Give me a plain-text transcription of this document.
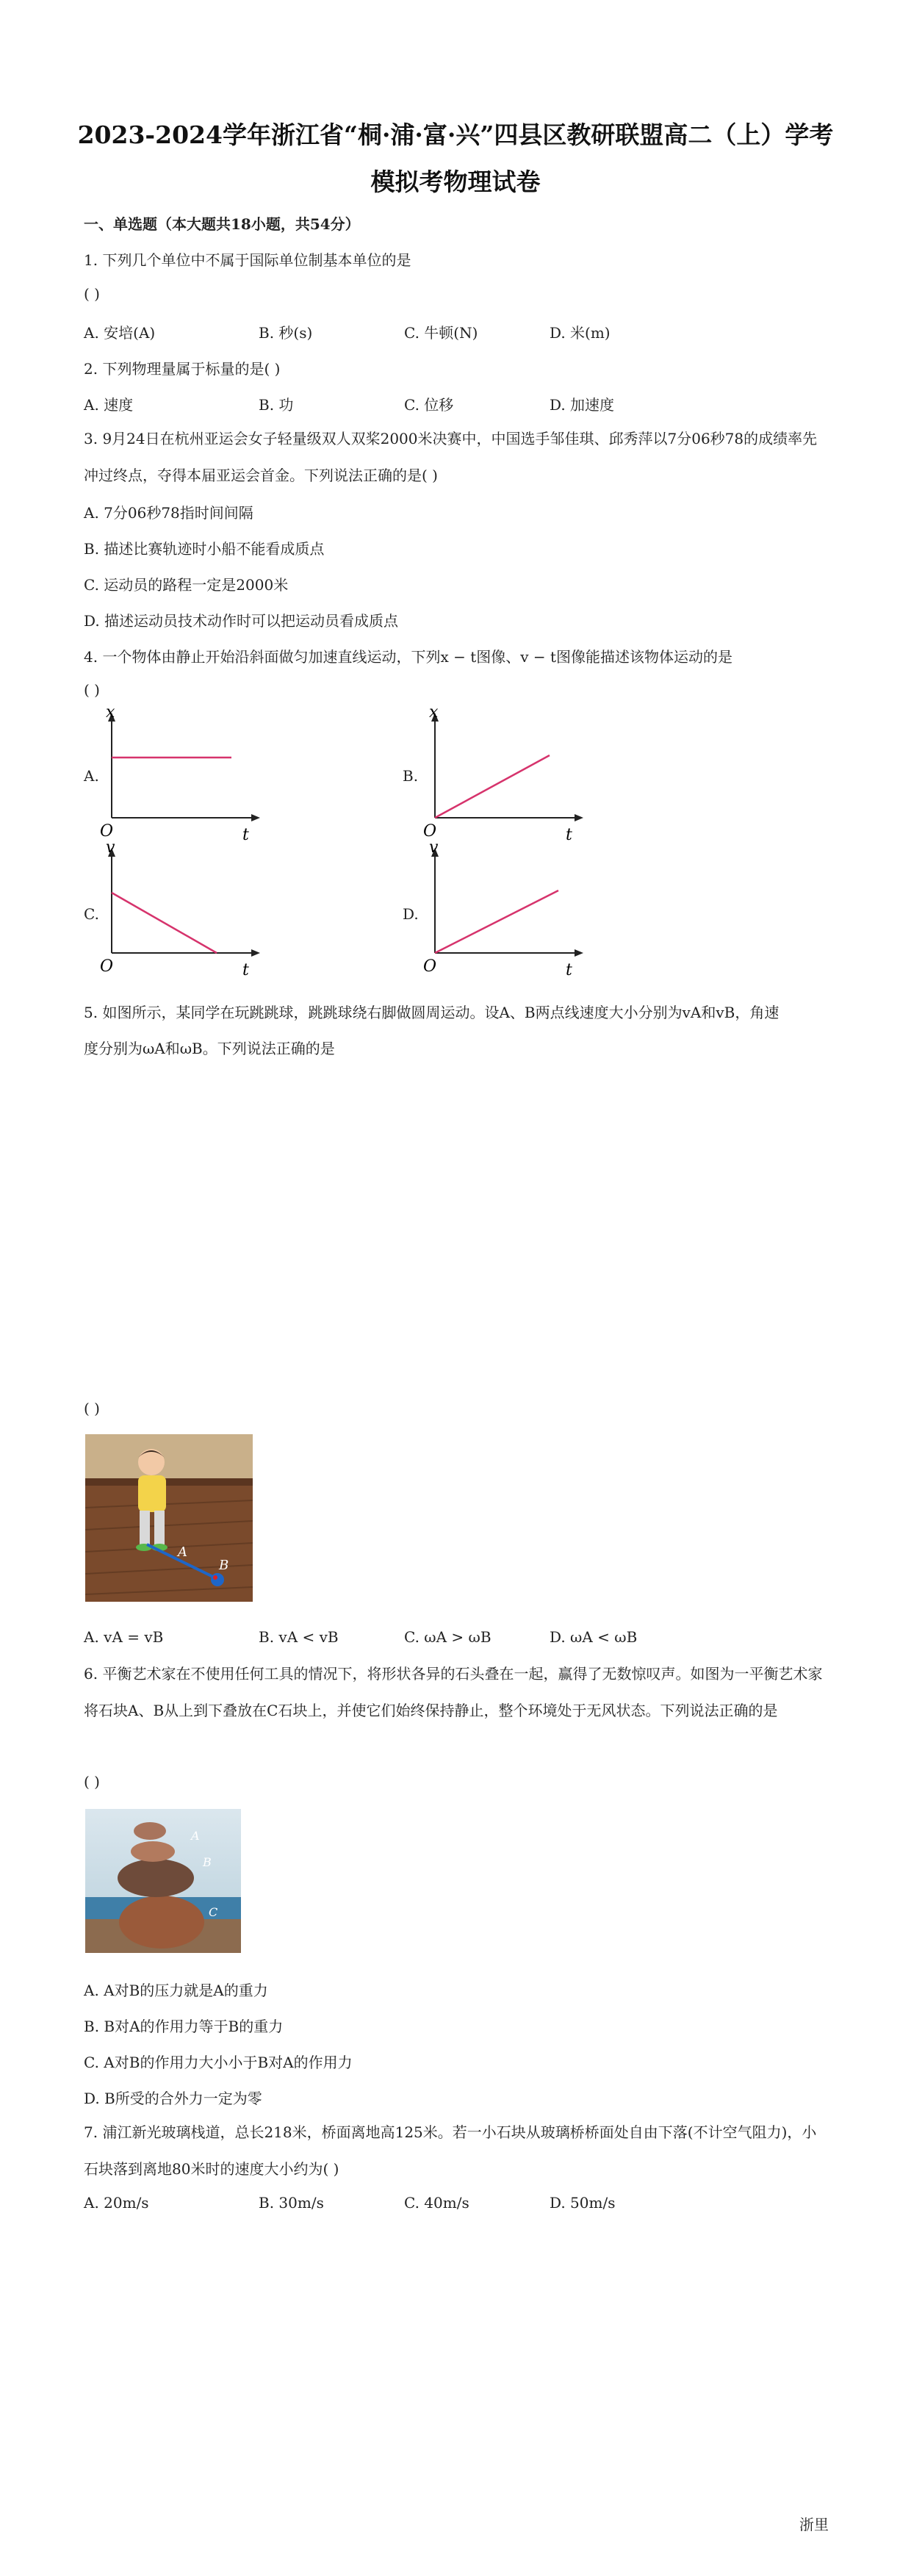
2023-2024学年浙江省“桐·浦·富·兴”四县区教研联盟高二（上）学考
模拟考物理试卷
一、单选题（本大题共18小题，共54分）
1. 下列几个单位中不属于国际单位制基本单位的是
( )
A. 安培(A)	B. 秒(s)	C. 牛顿(N)	D. 米(m)
2. 下列物理量属于标量的是( )
A. 速度	B. 功	C. 位移	D. 加速度
3. 9月24日在杭州亚运会女子轻量级双人双桨2000米决赛中，中国选手邹佳琪、邱秀萍以7分06秒78的成绩率先冲过终点，夺得本届亚运会首金。下列说法正确的是( )
A. 7分06秒78指时间间隔
B. 描述比赛轨迹时小船不能看成质点
C. 运动员的路程一定是2000米
D. 描述运动员技术动作时可以把运动员看成质点
4. 一个物体由静止开始沿斜面做匀加速直线运动，下列x − t图像、v − t图像能描述该物体运动的是
( )
A.
x
t
O
B.
x
t
O
C.
v
t
O
D.
v
t
O
5. 如图所示，某同学在玩跳跳球，跳跳球绕右脚做圆周运动。设A、B两点线速度大小分别为vA和vB，角速
度分别为ωA和ωB。下列说法正确的是
( )
A
B
A. vA = vB	B. vA < vB	C. ωA > ωB	D. ωA < ωB
6. 平衡艺术家在不使用任何工具的情况下，将形状各异的石头叠在一起，赢得了无数惊叹声。如图为一平衡艺术家将石块A、B从上到下叠放在C石块上，并使它们始终保持静止，整个环境处于无风状态。下列说法正确的是
( )
A
B
C
A. A对B的压力就是A的重力
B. B对A的作用力等于B的重力
C. A对B的作用力大小小于B对A的作用力
D. B所受的合外力一定为零
7. 浦江新光玻璃栈道，总长218米，桥面离地高125米。若一小石块从玻璃桥桥面处自由下落(不计空气阻力)，小石块落到离地80米时的速度大小约为( )
A. 20m/s	B. 30m/s	C. 40m/s	D. 50m/s
浙里
